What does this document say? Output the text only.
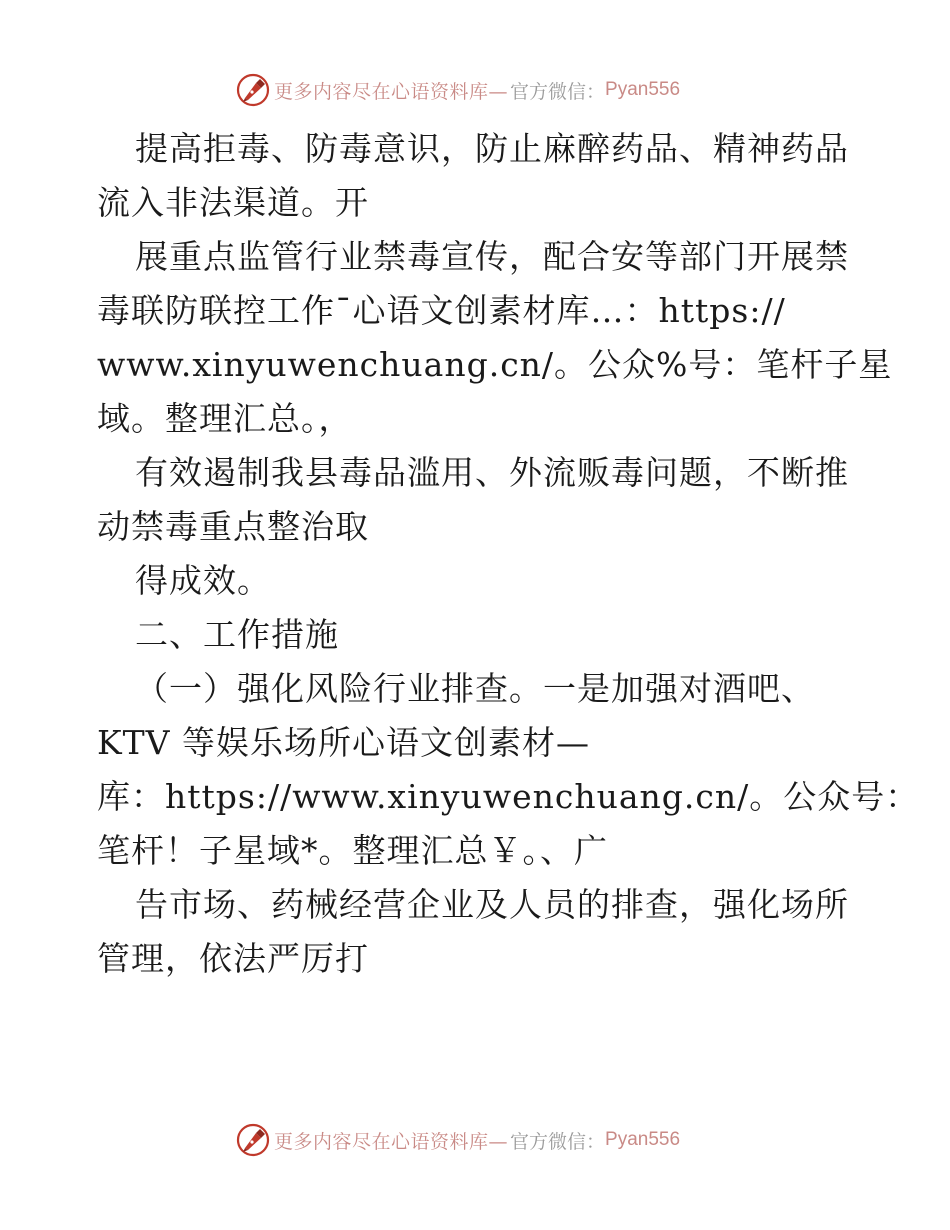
更多内容尽在心语资料库— 官方微信： Pyan556
提高拒毒、防毒意识，防止麻醉药品、精神药品
流入非法渠道。开
展重点监管行业禁毒宣传，配合安等部门开展禁
毒联防联控工作¯心语文创素材库…：https://
www.xinyuwenchuang.cn/。公众%号：笔杆子星
域。整理汇总。，
有效遏制我县毒品滥用、外流贩毒问题，不断推
动禁毒重点整治取
得成效。
二、工作措施
（一）强化风险行业排查。一是加强对酒吧、
KTV 等娱乐场所心语文创素材—
库：https://www.xinyuwenchuang.cn/。公众号：
笔杆！子星域*。整理汇总￥。、广
告市场、药械经营企业及人员的排查，强化场所
管理，依法严厉打
更多内容尽在心语资料库— 官方微信： Pyan556
